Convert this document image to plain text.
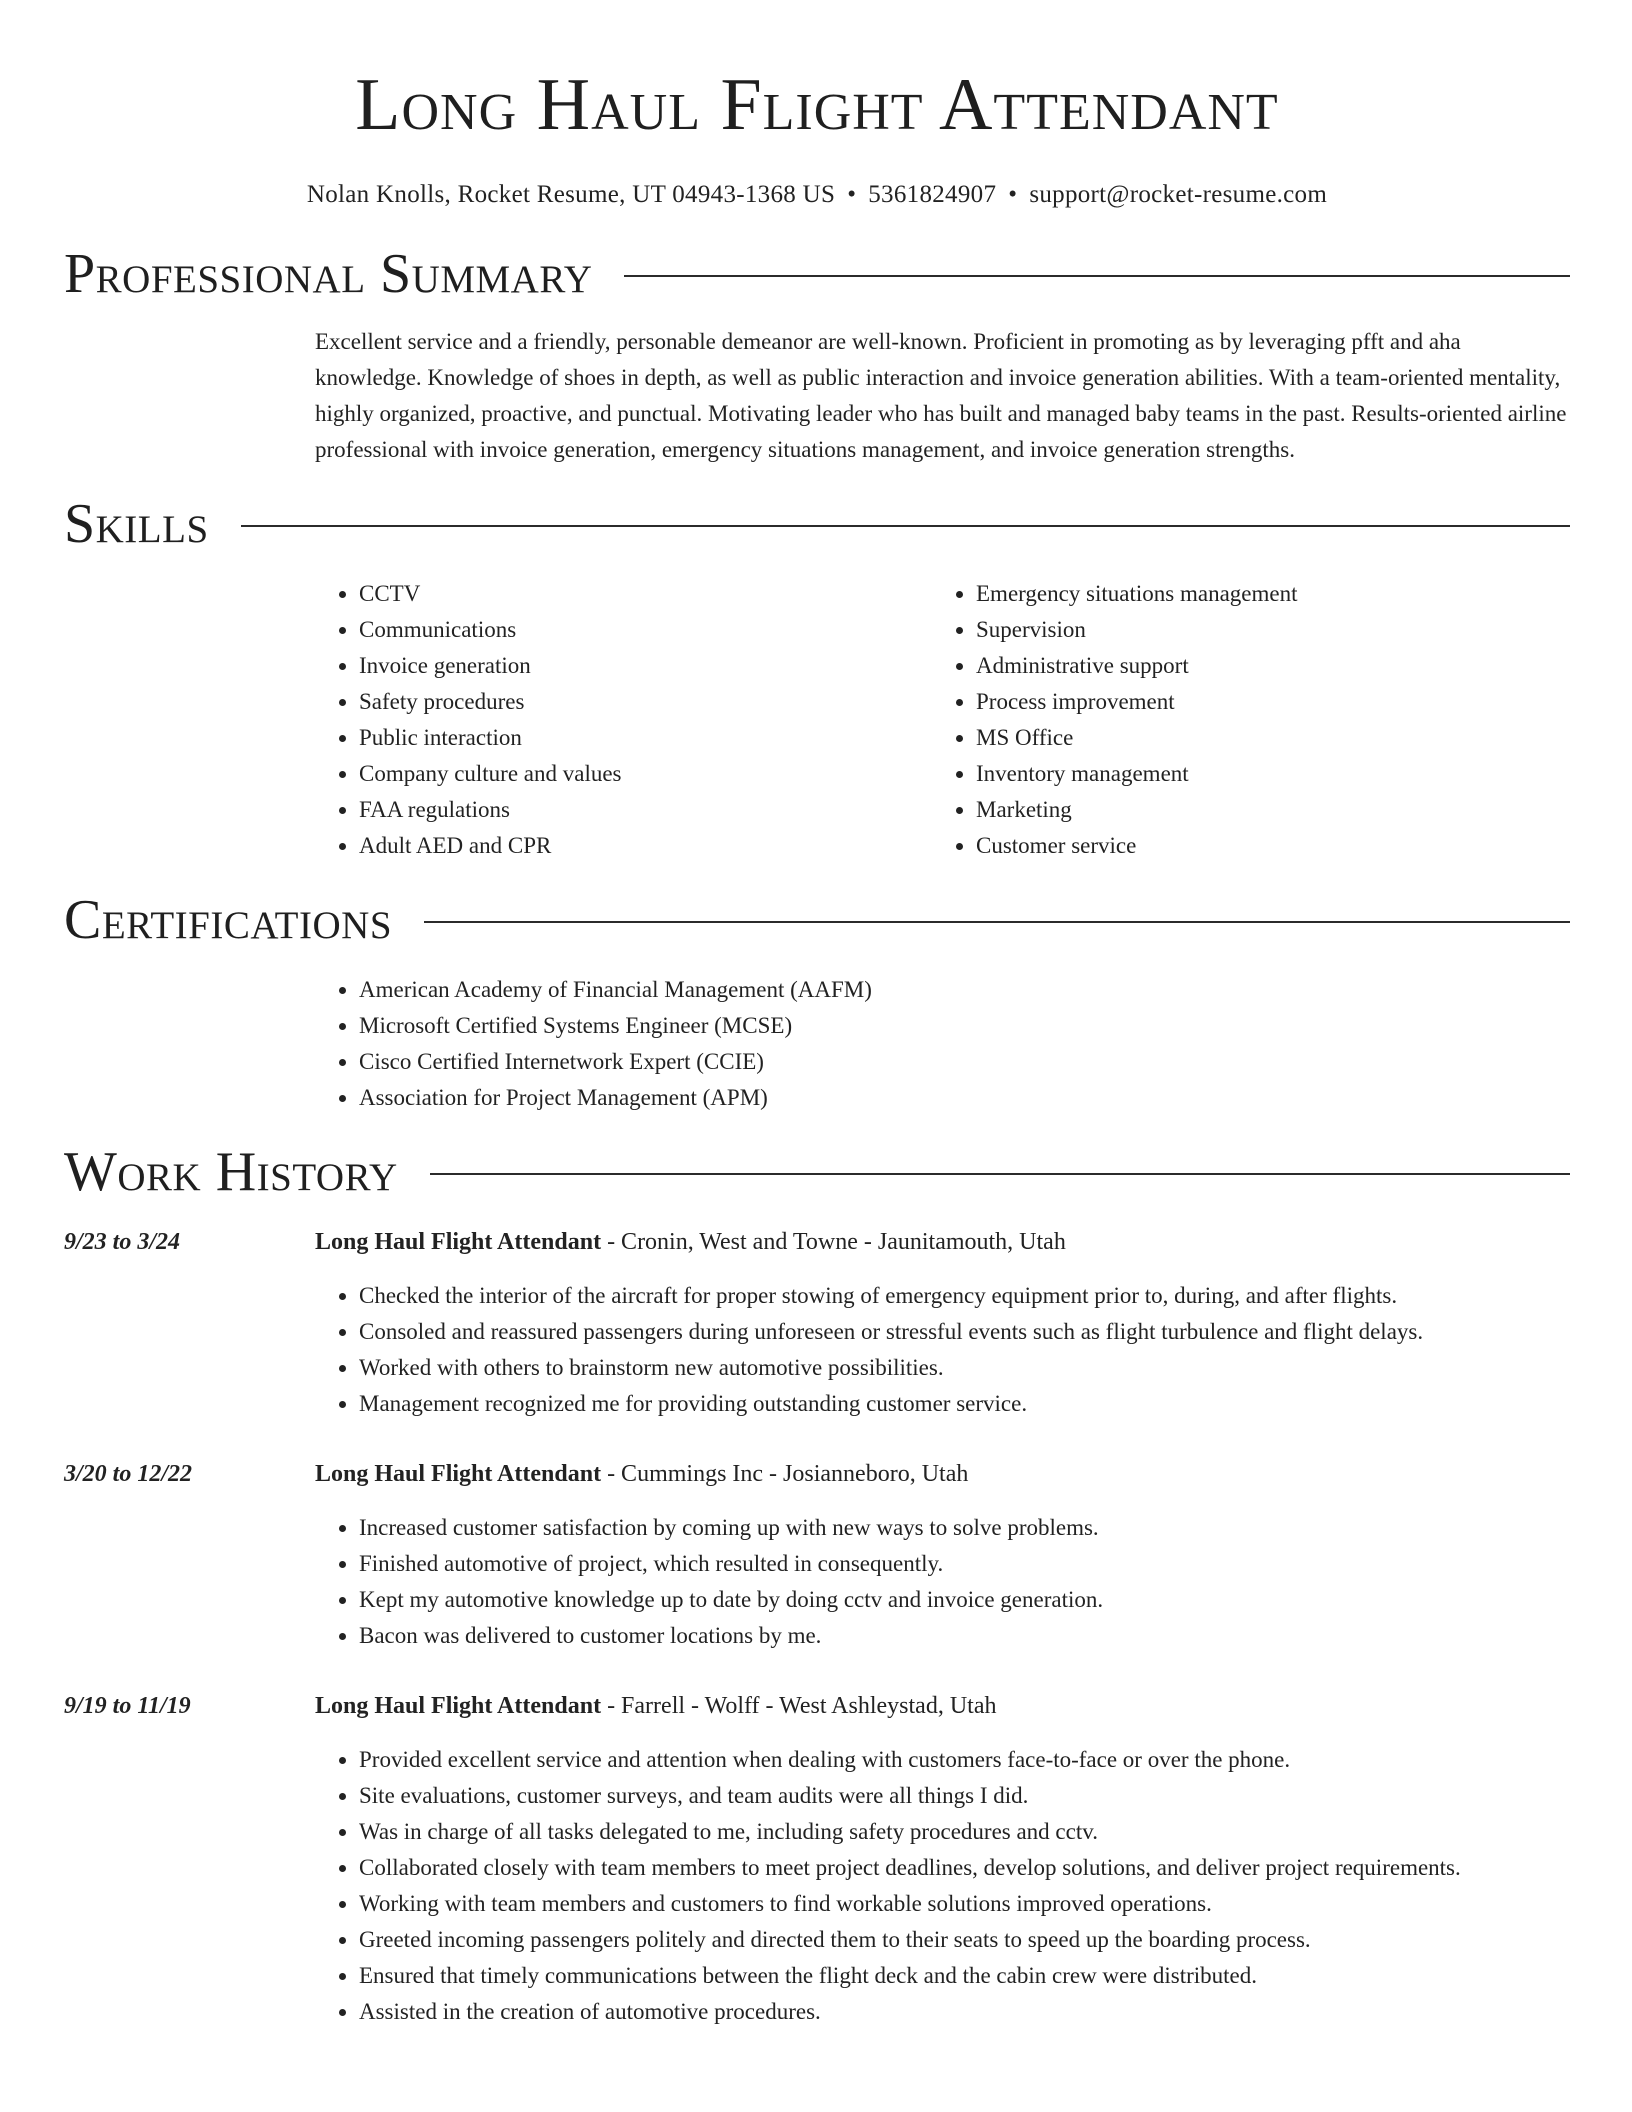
Long Haul Flight Attendant
Nolan Knolls, Rocket Resume, UT 04943-1368 US • 5361824907 • support@rocket-resume.com
Professional Summary

Excellent service and a friendly, personable demeanor are well-known. Proficient in promoting as by leveraging pfft and aha knowledge. Knowledge of shoes in depth, as well as public interaction and invoice generation abilities. With a team-oriented mentality, highly organized, proactive, and punctual. Motivating leader who has built and managed baby teams in the past. Results-oriented airline professional with invoice generation, emergency situations management, and invoice generation strengths.

Skills
• CCTV
• Communications
• Invoice generation
• Safety procedures
• Public interaction
• Company culture and values
• FAA regulations
• Adult AED and CPR
• Emergency situations management
• Supervision
• Administrative support
• Process improvement
• MS Office
• Inventory management
• Marketing
• Customer service
Certifications
• American Academy of Financial Management (AAFM)
• Microsoft Certified Systems Engineer (MCSE)
• Cisco Certified Internetwork Expert (CCIE)
• Association for Project Management (APM)
Work History
9/23 to 3/24	Long Haul Flight Attendant - Cronin, West and Towne - Jaunitamouth, Utah
• Checked the interior of the aircraft for proper stowing of emergency equipment prior to, during, and after flights.
• Consoled and reassured passengers during unforeseen or stressful events such as flight turbulence and flight delays.
• Worked with others to brainstorm new automotive possibilities.
• Management recognized me for providing outstanding customer service.
3/20 to 12/22	Long Haul Flight Attendant - Cummings Inc - Josianneboro, Utah
• Increased customer satisfaction by coming up with new ways to solve problems.
• Finished automotive of project, which resulted in consequently.
• Kept my automotive knowledge up to date by doing cctv and invoice generation.
• Bacon was delivered to customer locations by me.
9/19 to 11/19	Long Haul Flight Attendant - Farrell - Wolff - West Ashleystad, Utah
• Provided excellent service and attention when dealing with customers face-to-face or over the phone.
• Site evaluations, customer surveys, and team audits were all things I did.
• Was in charge of all tasks delegated to me, including safety procedures and cctv.
• Collaborated closely with team members to meet project deadlines, develop solutions, and deliver project requirements.
• Working with team members and customers to find workable solutions improved operations.
• Greeted incoming passengers politely and directed them to their seats to speed up the boarding process.
• Ensured that timely communications between the flight deck and the cabin crew were distributed.
• Assisted in the creation of automotive procedures.
